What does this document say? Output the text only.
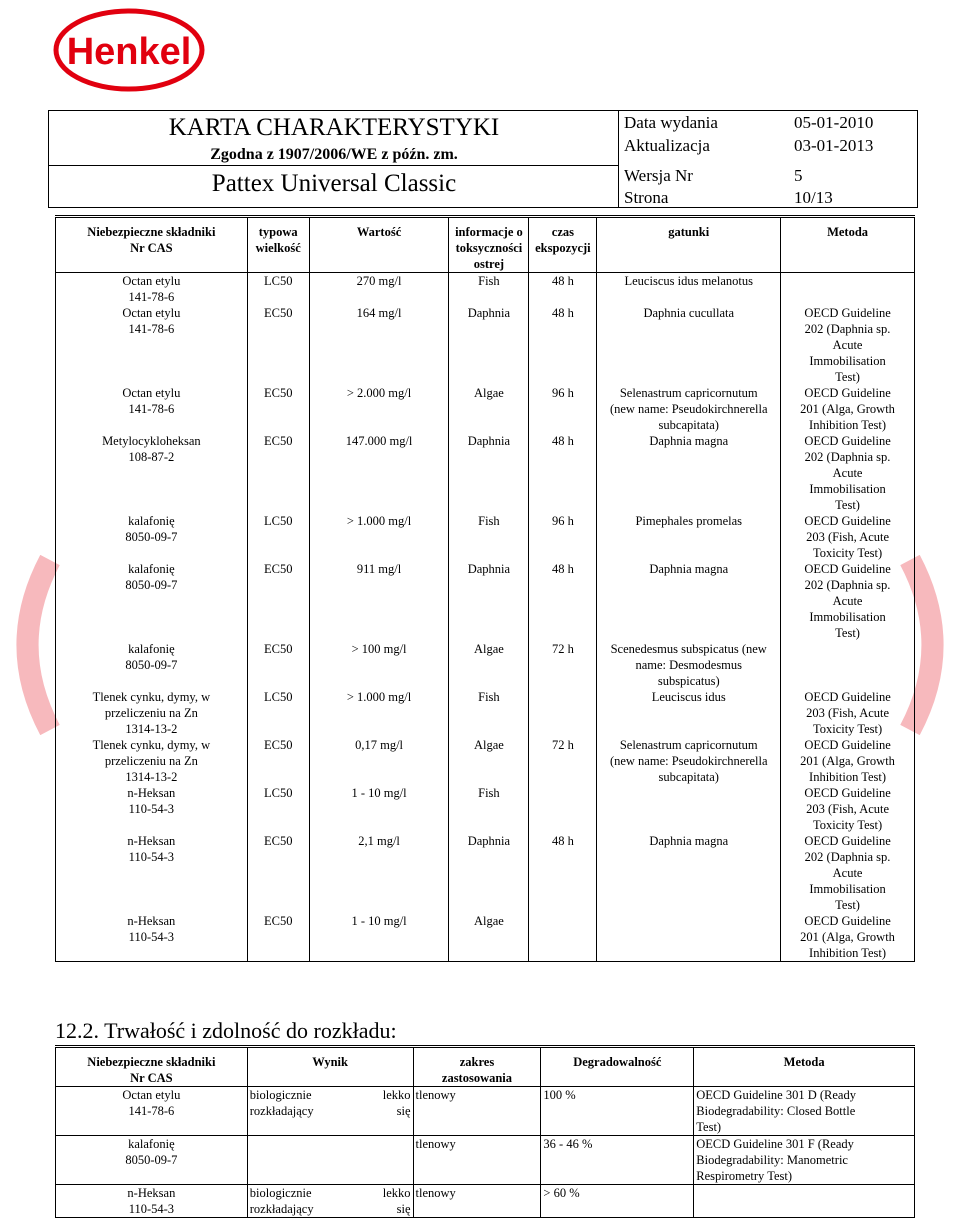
Henkel
KARTA CHARAKTERYSTYKI
Zgodna z 1907/2006/WE z późn. zm.
Pattex Universal Classic
Data wydania	05-01-2010
Aktualizacja	03-01-2013
Wersja Nr	5
Strona	10/13
Niebezpieczne składniki
Nr CAS	typowa
wielkość	Wartość	informacje o
toksyczności
ostrej	czas
ekspozycji	gatunki	Metoda
Octan etylu
141-78-6	LC50	270 mg/l	Fish	48 h	Leuciscus idus melanotus	
Octan etylu
141-78-6	EC50	164 mg/l	Daphnia	48 h	Daphnia cucullata	OECD Guideline
202 (Daphnia sp.
Acute
Immobilisation
Test)
Octan etylu
141-78-6	EC50	> 2.000 mg/l	Algae	96 h	Selenastrum capricornutum
(new name: Pseudokirchnerella
subcapitata)	OECD Guideline
201 (Alga, Growth
Inhibition Test)
Metylocykloheksan
108-87-2	EC50	147.000 mg/l	Daphnia	48 h	Daphnia magna	OECD Guideline
202 (Daphnia sp.
Acute
Immobilisation
Test)
kalafonię
8050-09-7	LC50	> 1.000 mg/l	Fish	96 h	Pimephales promelas	OECD Guideline
203 (Fish, Acute
Toxicity Test)
kalafonię
8050-09-7	EC50	911 mg/l	Daphnia	48 h	Daphnia magna	OECD Guideline
202 (Daphnia sp.
Acute
Immobilisation
Test)
kalafonię
8050-09-7	EC50	> 100 mg/l	Algae	72 h	Scenedesmus subspicatus (new
name: Desmodesmus
subspicatus)	
Tlenek cynku, dymy, w
przeliczeniu na Zn
1314-13-2	LC50	> 1.000 mg/l	Fish		Leuciscus idus	OECD Guideline
203 (Fish, Acute
Toxicity Test)
Tlenek cynku, dymy, w
przeliczeniu na Zn
1314-13-2	EC50	0,17 mg/l	Algae	72 h	Selenastrum capricornutum
(new name: Pseudokirchnerella
subcapitata)	OECD Guideline
201 (Alga, Growth
Inhibition Test)
n-Heksan
110-54-3	LC50	1 - 10 mg/l	Fish			OECD Guideline
203 (Fish, Acute
Toxicity Test)
n-Heksan
110-54-3	EC50	2,1 mg/l	Daphnia	48 h	Daphnia magna	OECD Guideline
202 (Daphnia sp.
Acute
Immobilisation
Test)
n-Heksan
110-54-3	EC50	1 - 10 mg/l	Algae			OECD Guideline
201 (Alga, Growth
Inhibition Test)
12.2. Trwałość i zdolność do rozkładu:
Niebezpieczne składniki
Nr CAS	Wynik	zakres
zastosowania	Degradowalność	Metoda
Octan etylu
141-78-6	biologicznie lekko
rozkładający się	tlenowy	100 %	OECD Guideline 301 D (Ready
Biodegradability: Closed Bottle
Test)
kalafonię
8050-09-7		tlenowy	36 - 46 %	OECD Guideline 301 F (Ready
Biodegradability: Manometric
Respirometry Test)
n-Heksan
110-54-3	biologicznie lekko
rozkładający się	tlenowy	> 60 %	
